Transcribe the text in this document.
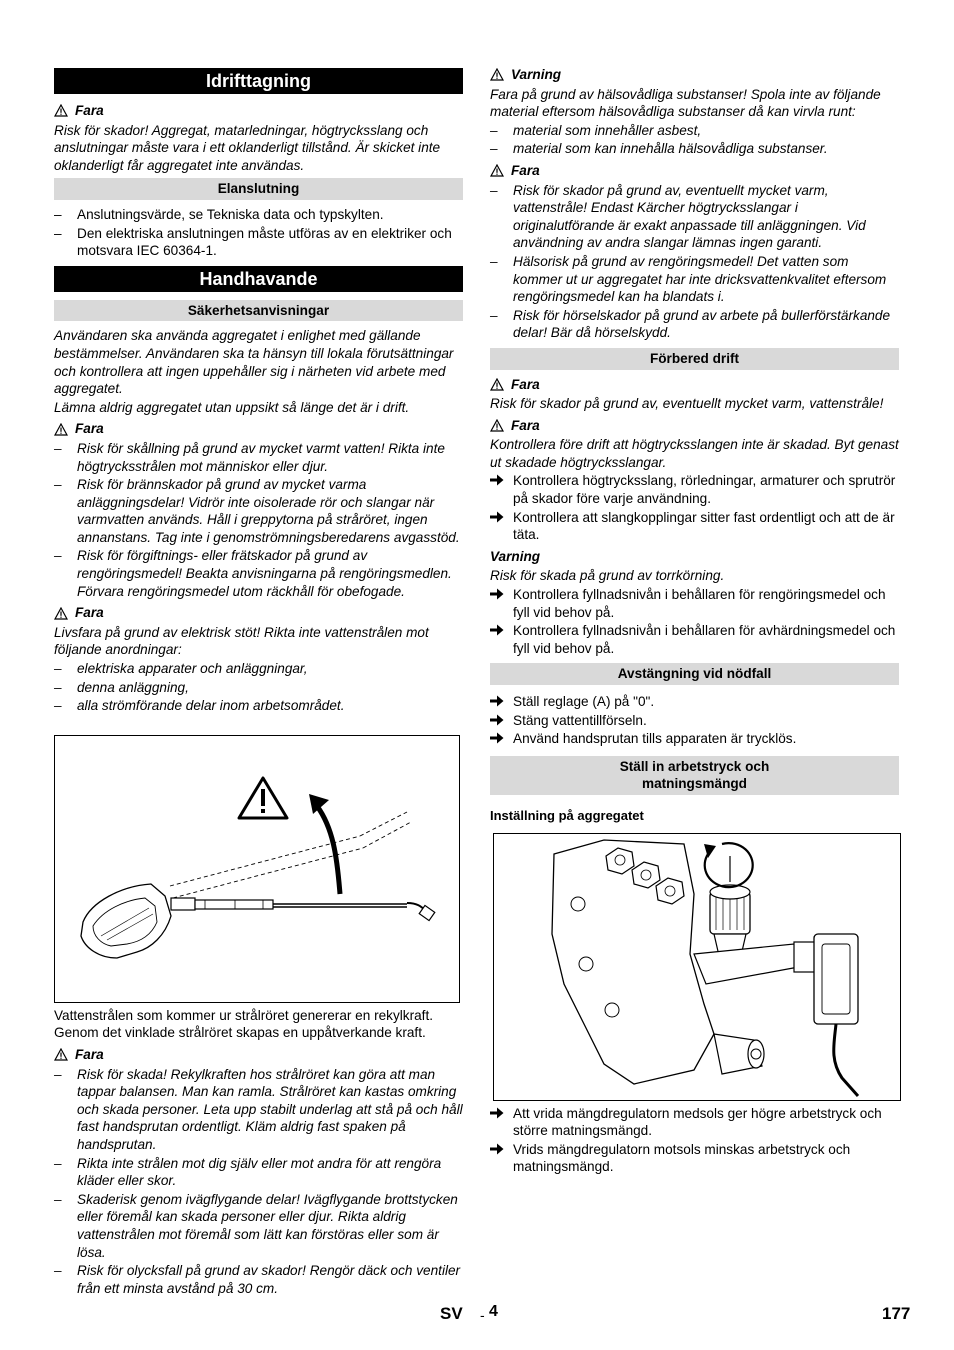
Idrifttagning
Fara
Risk för skador! Aggregat, matarledningar, högtrycksslang och anslutningar måste vara i ett oklanderligt tillstånd. Är skicket inte oklanderligt får aggregatet inte användas.
Elanslutning
– Anslutningsvärde, se Tekniska data och typskylten.
– Den elektriska anslutningen måste utföras av en elektriker och motsvara IEC 60364-1.
Handhavande
Säkerhetsanvisningar
Användaren ska använda aggregatet i enlighet med gällande bestämmelser. Användaren ska ta hänsyn till lokala förutsättningar och kontrollera att ingen uppehåller sig i närheten vid arbete med aggregatet.
Lämna aldrig aggregatet utan uppsikt så länge det är i drift.
Fara
– Risk för skållning på grund av mycket varmt vatten! Rikta inte högtrycksstrålen mot människor eller djur.
– Risk för brännskador på grund av mycket varma anläggningsdelar! Vidrör inte oisolerade rör och slangar när varmvatten används. Håll i greppytorna på stråröret, ingen annanstans. Tag inte i genomströmningsberedarens avgasstöd.
– Risk för förgiftnings- eller frätskador på grund av rengöringsmedel! Beakta anvisningarna på rengöringsmedlen. Förvara rengöringsmedel utom räckhåll för obefogade.
Fara
Livsfara på grund av elektrisk stöt! Rikta inte vattenstrålen mot följande anordningar:
– elektriska apparater och anläggningar,
– denna anläggning,
– alla strömförande delar inom arbetsområdet.
Vattenstrålen som kommer ur strålröret genererar en rekylkraft. Genom det vinklade strålröret skapas en uppåtverkande kraft.
Fara
– Risk för skada! Rekylkraften hos strålröret kan göra att man tappar balansen. Man kan ramla. Strålröret kan kastas omkring och skada personer. Leta upp stabilt underlag att stå på och håll fast handsprutan ordentligt. Kläm aldrig fast spaken på handsprutan.
– Rikta inte strålen mot dig själv eller mot andra för att rengöra kläder eller skor.
– Skaderisk genom ivägflygande delar! Ivägflygande brottstycken eller föremål kan skada personer eller djur. Rikta aldrig vattenstrålen mot föremål som lätt kan förstöras eller som är lösa.
– Risk för olycksfall på grund av skador! Rengör däck och ventiler från ett minsta avstånd på 30 cm.
Varning
Fara på grund av hälsovådliga substanser! Spola inte av följande material eftersom hälsovådliga substanser då kan virvla runt:
– material som innehåller asbest,
– material som kan innehålla hälsovådliga substanser.
Fara
– Risk för skador på grund av, eventuellt mycket varm, vattenstråle! Endast Kärcher högtrycksslangar i originalutförande är exakt anpassade till anläggningen. Vid användning av andra slangar lämnas ingen garanti.
– Hälsorisk på grund av rengöringsmedel! Det vatten som kommer ut ur aggregatet har inte dricksvattenkvalitet eftersom rengöringsmedel kan ha blandats i.
– Risk för hörselskador på grund av arbete på bullerförstärkande delar! Bär då hörselskydd.
Förbered drift
Fara
Risk för skador på grund av, eventuellt mycket varm, vattenstråle!
Fara
Kontrollera före drift att högtrycksslangen inte är skadad. Byt genast ut skadade högtrycksslangar.
Kontrollera högtrycksslang, rörledningar, armaturer och sprutrör på skador före varje användning.
Kontrollera att slangkopplingar sitter fast ordentligt och att de är täta.
Varning
Risk för skada på grund av torrkörning.
Kontrollera fyllnadsnivån i behållaren för rengöringsmedel och fyll vid behov på.
Kontrollera fyllnadsnivån i behållaren för avhärdningsmedel och fyll vid behov på.
Avstängning vid nödfall
Ställ reglage (A) på "0".
Stäng vattentillförseln.
Använd handsprutan tills apparaten är trycklös.
Ställ in arbetstryck och
matningsmängd
Inställning på aggregatet
Att vrida mängdregulatorn medsols ger högre arbetstryck och större matningsmängd.
Vrids mängdregulatorn motsols minskas arbetstryck och matningsmängd.
SV - 4	177
